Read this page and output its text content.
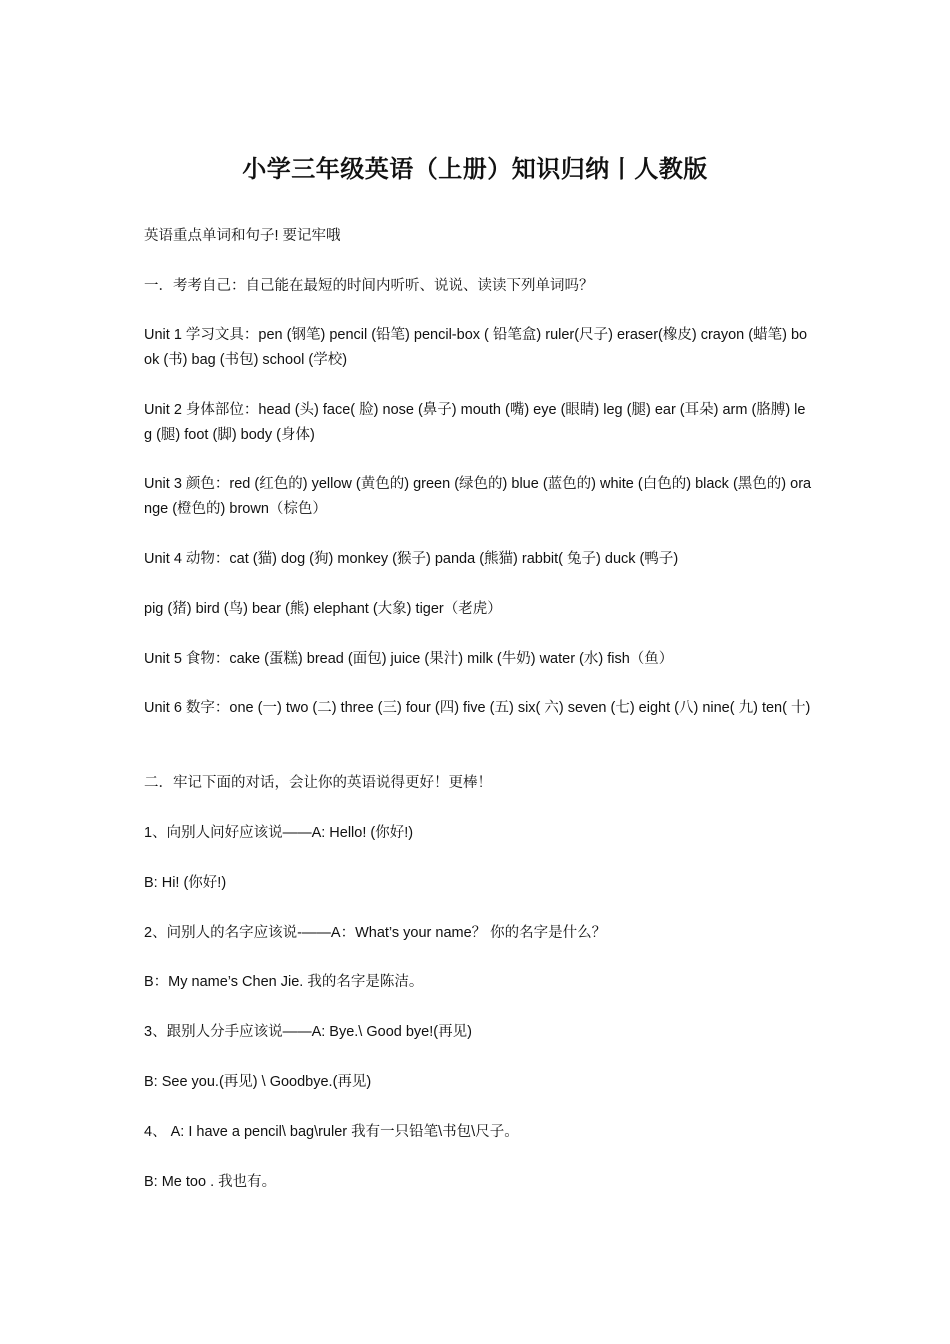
小学三年级英语（上册）知识归纳丨人教版
英语重点单词和句子! 要记牢哦
一．考考自己：自己能在最短的时间内听听、说说、读读下列单词吗？
Unit 1 学习文具：pen (钢笔) pencil (铅笔) pencil-box ( 铅笔盒) ruler(尺子) eraser(橡皮) crayon (蜡笔) book (书) bag (书包) school (学校)
Unit 2 身体部位：head (头) face( 脸) nose (鼻子) mouth (嘴) eye (眼睛) leg (腿) ear (耳朵) arm (胳膊) leg (腿) foot (脚) body (身体)
Unit 3 颜色：red (红色的) yellow (黄色的) green (绿色的) blue (蓝色的) white (白色的) black (黑色的) orange (橙色的) brown（棕色）
Unit 4 动物：cat (猫) dog (狗) monkey (猴子) panda (熊猫) rabbit( 兔子) duck (鸭子)
pig (猪) bird (鸟) bear (熊) elephant (大象) tiger（老虎）
Unit 5 食物：cake (蛋糕) bread (面包) juice (果汁) milk (牛奶) water (水) fish（鱼）
Unit 6 数字：one (一) two (二) three (三) four (四) five (五) six( 六) seven (七) eight (八) nine( 九) ten( 十)
二．牢记下面的对话，会让你的英语说得更好！更棒！
1、向别人问好应该说——A: Hello! (你好!)
B: Hi! (你好!)
2、问别人的名字应该说-——A：What’s your name？ 你的名字是什么？
B：My name’s Chen Jie. 我的名字是陈洁。
3、跟别人分手应该说——A: Bye.\ Good bye!(再见)
B: See you.(再见) \ Goodbye.(再见)
4、 A: I have a pencil\ bag\ruler 我有一只铅笔\书包\尺子。
B: Me too . 我也有。
